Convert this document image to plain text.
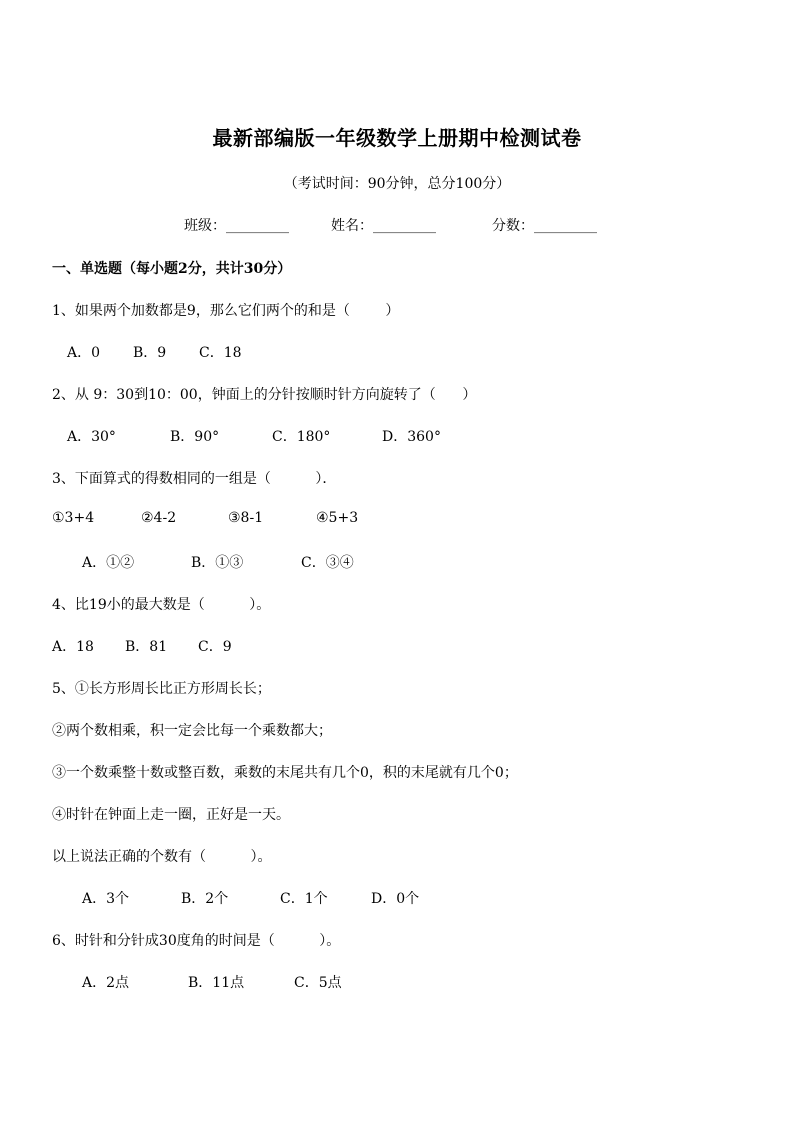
最新部编版一年级数学上册期中检测试卷
（考试时间：90分钟，总分100分）
班级：_________	姓名：_________	分数：_________
一、单选题（每小题2分，共计30分）
1、如果两个加数都是9，那么它们两个的和是（        ）
A．0 B．9 C．18
2、从 9：30到10：00，钟面上的分针按顺时针方向旋转了（      ）
A．30°	B．90°	C．180°	D．360°
3、下面算式的得数相同的一组是（          ）．
①3+4	②4-2	③8-1	④5+3
A．①②	B．①③	C．③④
4、比19小的最大数是（          ）。
A．18 B．81 C．9
5、①长方形周长比正方形周长长；
②两个数相乘，积一定会比每一个乘数都大；
③一个数乘整十数或整百数，乘数的末尾共有几个0，积的末尾就有几个0；
④时针在钟面上走一圈，正好是一天。
以上说法正确的个数有（          ）。
A．3个	B．2个	C．1个	D．0个
6、时针和分针成30度角的时间是（          ）。
A．2点	B．11点	C．5点
